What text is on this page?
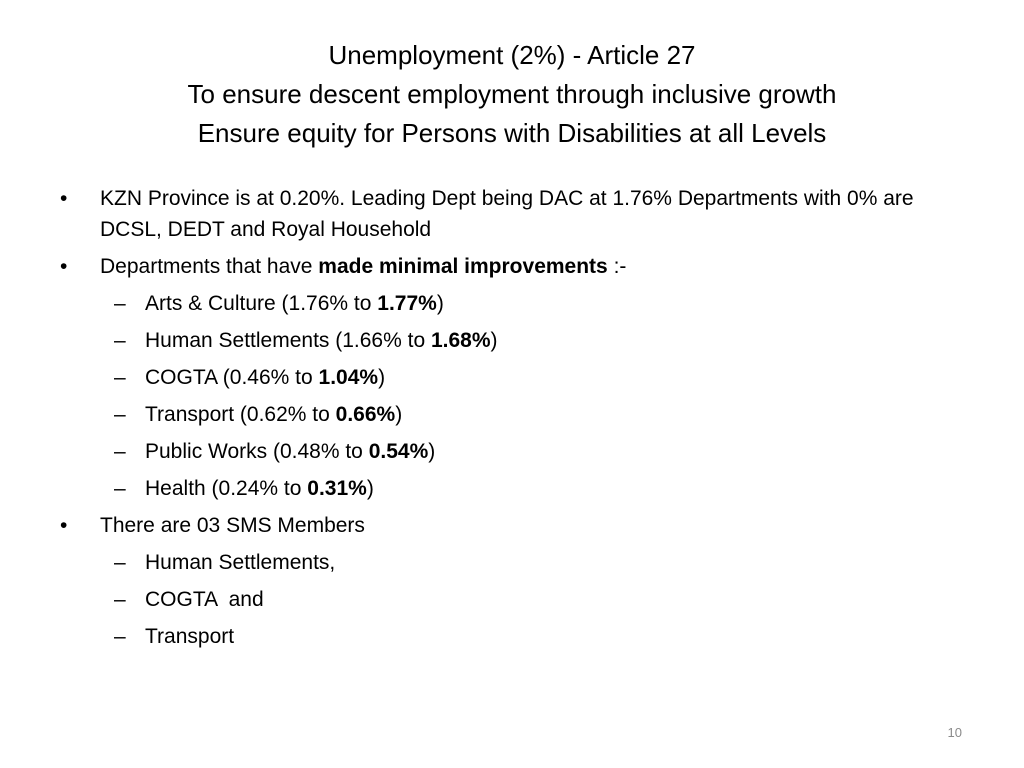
Unemployment (2%) - Article 27
To ensure descent employment through inclusive growth
Ensure equity for Persons with Disabilities at all Levels
• KZN Province is at 0.20%. Leading Dept being DAC at 1.76% Departments with 0% are DCSL, DEDT and Royal Household
• Departments that have made minimal improvements :-
– Arts & Culture (1.76% to 1.77%)
– Human Settlements (1.66% to 1.68%)
– COGTA (0.46% to 1.04%)
– Transport (0.62% to 0.66%)
– Public Works (0.48% to 0.54%)
– Health (0.24% to 0.31%)
• There are 03 SMS Members
– Human Settlements,
– COGTA  and
– Transport
10
